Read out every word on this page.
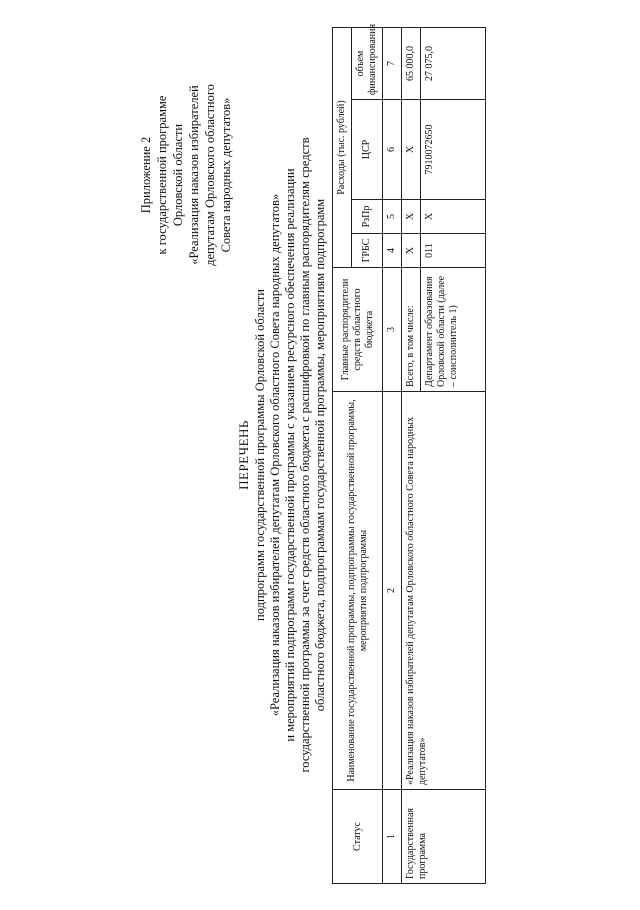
Приложение 2 к государственной программе Орловской области «Реализация наказов избирателей депутатам Орловского областного Совета народных депутатов»
ПЕРЕЧЕНЬ подпрограмм государственной программы Орловской области «Реализация наказов избирателей депутатам Орловского областного Совета народных депутатов» и мероприятий подпрограмм государственной программы с указанием ресурсного обеспечения реализации государственной программы за счет средств областного бюджета с расшифровкой по главным распорядителям средств областного бюджета, подпрограммам государственной программы, мероприятиям подпрограмм
Статус	Наименование государственной программы, подпрограммы государственной программы, мероприятия подпрограммы	Главные распорядители средств областного бюджета	Расходы (тыс. рублей)			
			ГРБС	РзПр	ЦСР	объем финансирования
1	2	3	4	5	6	7
Государственная программа	«Реализация наказов избирателей депутатам Орловского областного Совета народных депутатов»	Всего, в том числе:	Х	Х	Х	65 000,0
		Департамент образования Орловской области (далее – соисполнитель 1)	011	Х	7910072650	27 075,0
